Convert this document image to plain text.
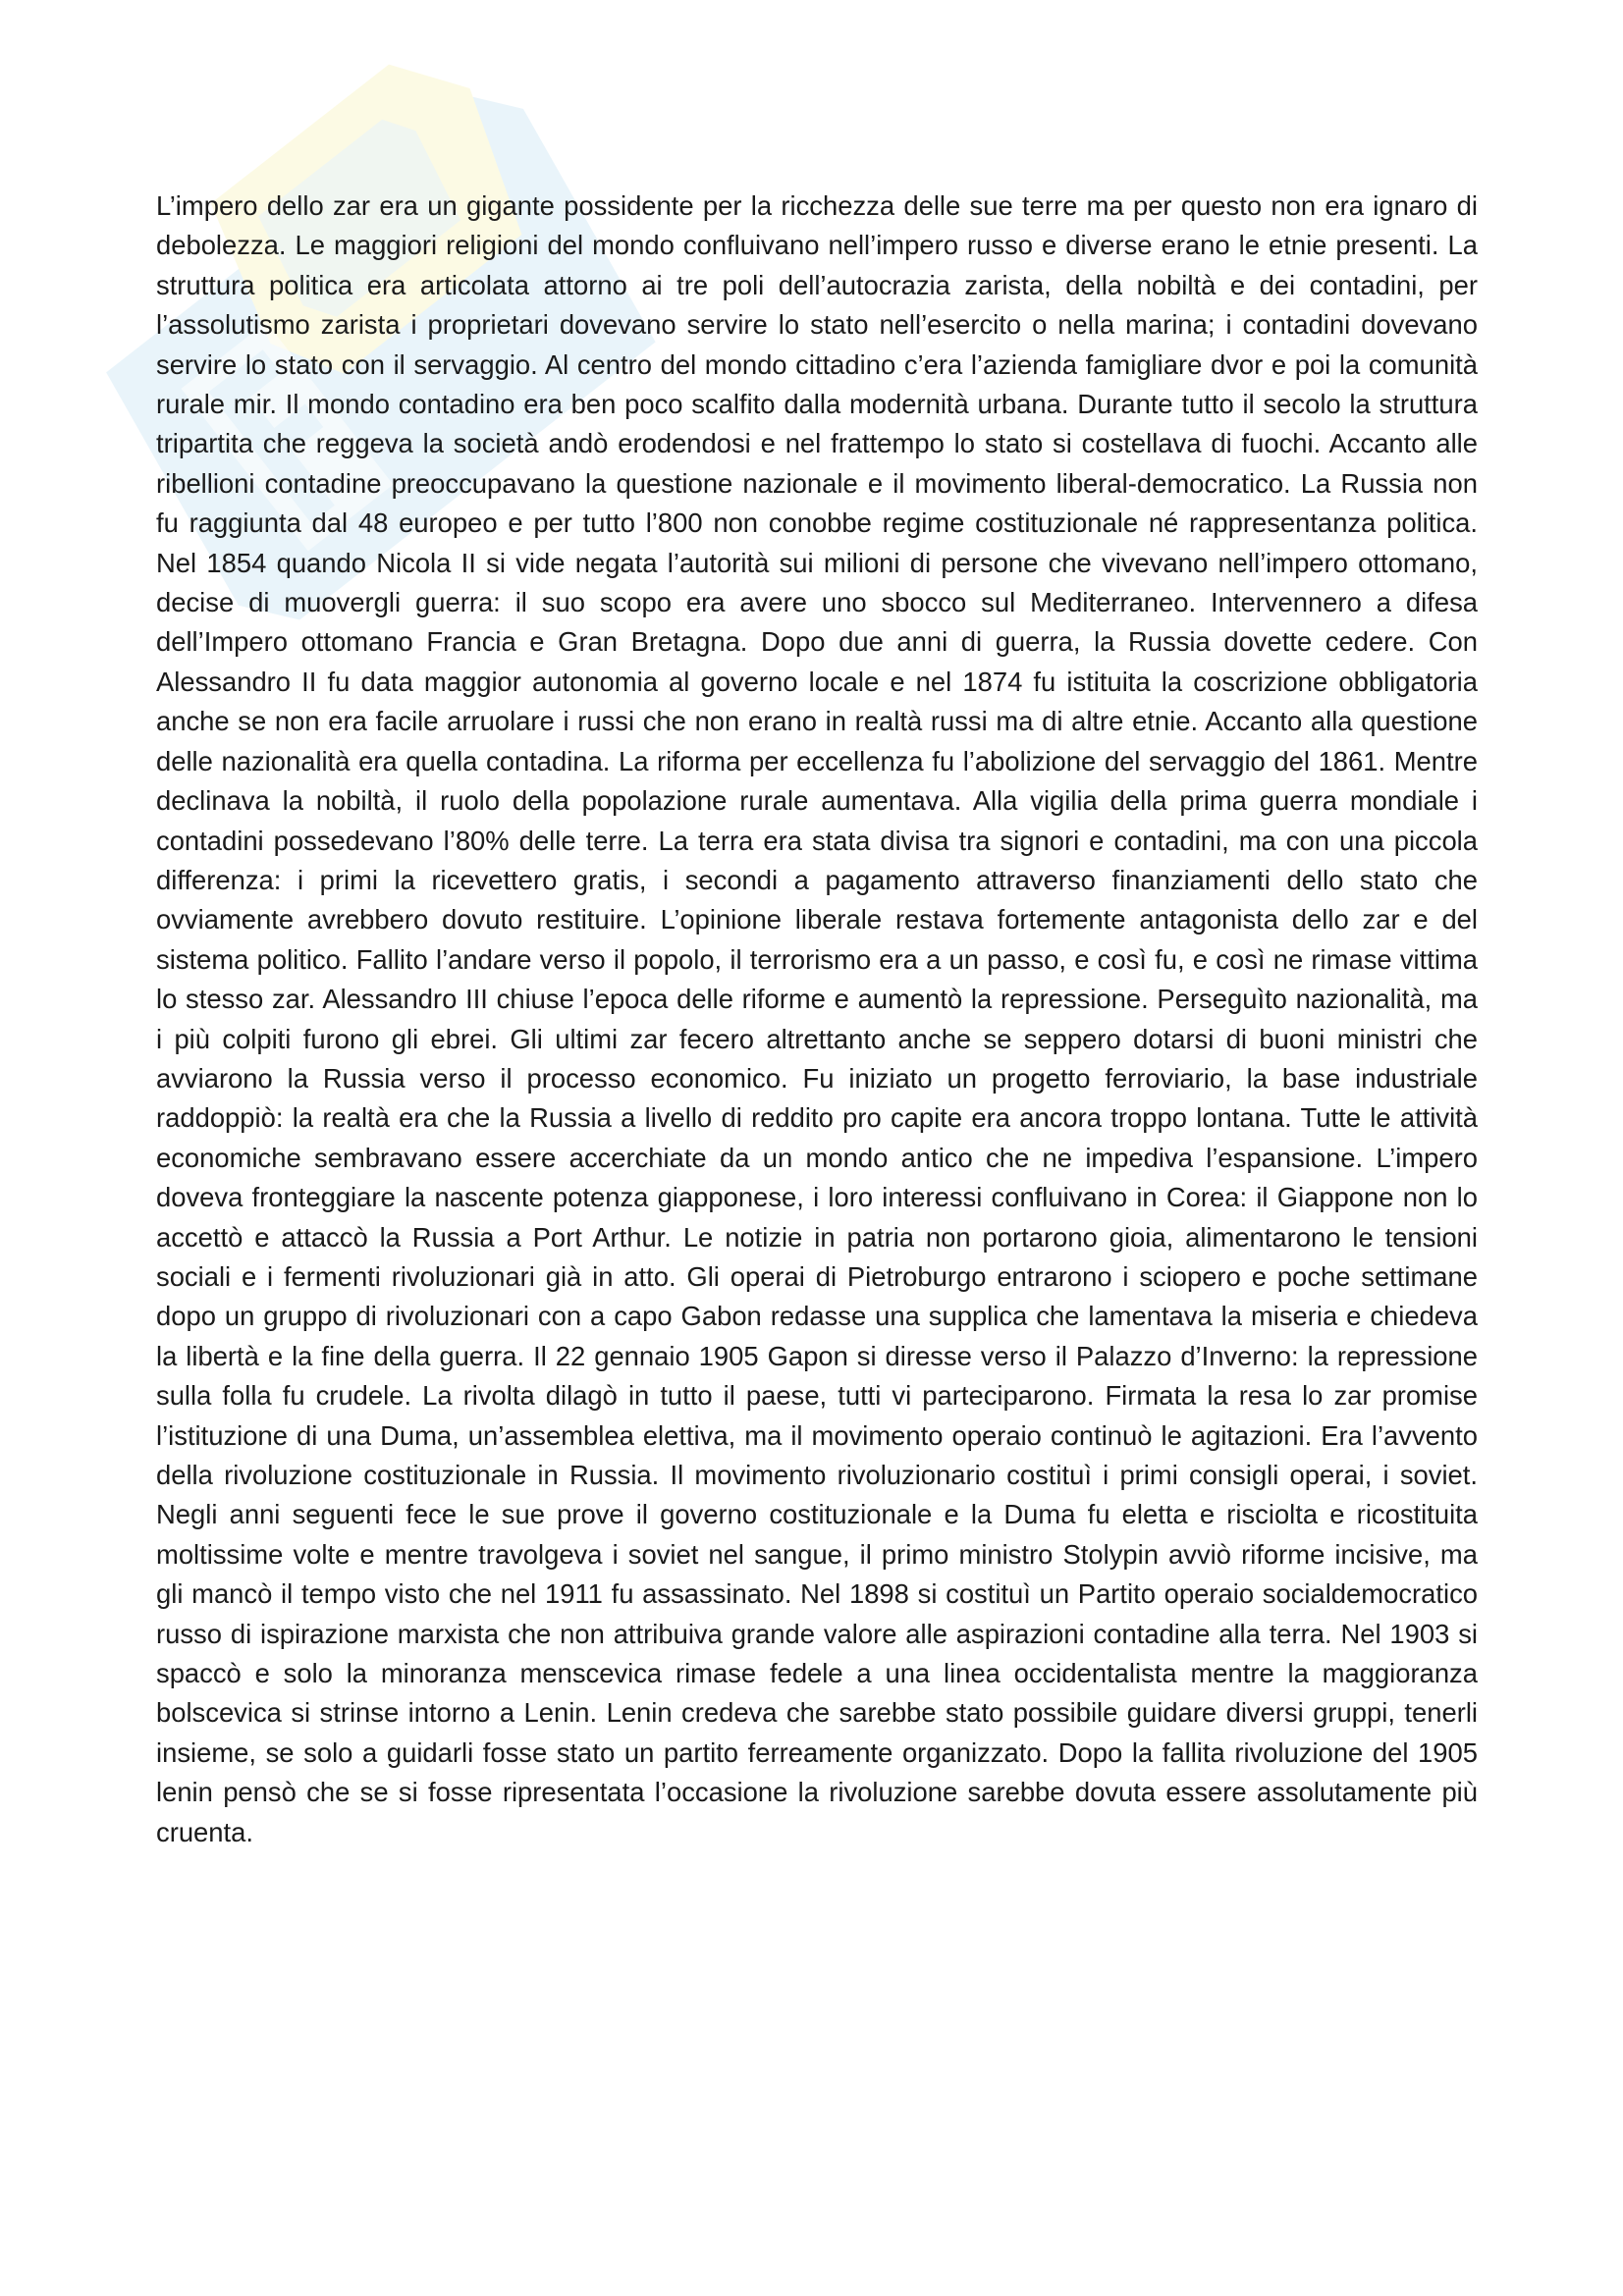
L’impero dello zar era un gigante possidente per la ricchezza delle sue terre ma per questo non era ignaro di debolezza. Le maggiori religioni del mondo confluivano nell’impero russo e diverse erano le etnie presenti. La struttura politica era articolata attorno ai tre poli dell’autocrazia zarista, della nobiltà e dei contadini, per l’assolutismo zarista i proprietari dovevano servire lo stato nell’esercito o nella marina; i contadini dovevano servire lo stato con il servaggio. Al centro del mondo cittadino c’era l’azienda famigliare dvor e poi la comunità rurale mir. Il mondo contadino era ben poco scalfito dalla modernità urbana. Durante tutto il secolo la struttura tripartita che reggeva la società andò erodendosi e nel frattempo lo stato si costellava di fuochi. Accanto alle ribellioni contadine preoccupavano la questione nazionale e il movimento liberal-democratico. La Russia non fu raggiunta dal 48 europeo e per tutto l’800 non conobbe regime costituzionale né rappresentanza politica. Nel 1854 quando Nicola II si vide negata l’autorità sui milioni di persone che vivevano nell’impero ottomano, decise di muovergli guerra: il suo scopo era avere uno sbocco sul Mediterraneo. Intervennero a difesa dell’Impero ottomano Francia e Gran Bretagna. Dopo due anni di guerra, la Russia dovette cedere. Con Alessandro II fu data maggior autonomia al governo locale e nel 1874 fu istituita la coscrizione obbligatoria anche se non era facile arruolare i russi che non erano in realtà russi ma di altre etnie. Accanto alla questione delle nazionalità era quella contadina. La riforma per eccellenza fu l’abolizione del servaggio del 1861. Mentre declinava la nobiltà, il ruolo della popolazione rurale aumentava. Alla vigilia della prima guerra mondiale i contadini possedevano l’80% delle terre. La terra era stata divisa tra signori e contadini, ma con una piccola differenza: i primi la ricevettero gratis, i secondi a pagamento attraverso finanziamenti dello stato che ovviamente avrebbero dovuto restituire. L’opinione liberale restava fortemente antagonista dello zar e del sistema politico. Fallito l’andare verso il popolo, il terrorismo era a un passo, e così fu, e così ne rimase vittima lo stesso zar. Alessandro III chiuse l’epoca delle riforme e aumentò la repressione. Perseguìto nazionalità, ma i più colpiti furono gli ebrei. Gli ultimi zar fecero altrettanto anche se seppero dotarsi di buoni ministri che avviarono la Russia verso il processo economico. Fu iniziato un progetto ferroviario, la base industriale raddoppiò: la realtà era che la Russia a livello di reddito pro capite era ancora troppo lontana. Tutte le attività economiche sembravano essere accerchiate da un mondo antico che ne impediva l’espansione. L’impero doveva fronteggiare la nascente potenza giapponese, i loro interessi confluivano in Corea: il Giappone non lo accettò e attaccò la Russia a Port Arthur. Le notizie in patria non portarono gioia, alimentarono le tensioni sociali e i fermenti rivoluzionari già in atto. Gli operai di Pietroburgo entrarono i sciopero e poche settimane dopo un gruppo di rivoluzionari con a capo Gabon redasse una supplica che lamentava la miseria e chiedeva la libertà e la fine della guerra. Il 22 gennaio 1905 Gapon si diresse verso il Palazzo d’Inverno: la repressione sulla folla fu crudele. La rivolta dilagò in tutto il paese, tutti vi parteciparono. Firmata la resa lo zar promise l’istituzione di una Duma, un’assemblea elettiva, ma il movimento operaio continuò le agitazioni. Era l’avvento della rivoluzione costituzionale in Russia. Il movimento rivoluzionario costituì i primi consigli operai, i soviet. Negli anni seguenti fece le sue prove il governo costituzionale e la Duma fu eletta e risciolta e ricostituita moltissime volte e mentre travolgeva i soviet nel sangue, il primo ministro Stolypin avviò riforme incisive, ma gli mancò il tempo visto che nel 1911 fu assassinato. Nel 1898 si costituì un Partito operaio socialdemocratico russo di ispirazione marxista che non attribuiva grande valore alle aspirazioni contadine alla terra. Nel 1903 si spaccò e solo la minoranza menscevica rimase fedele a una linea occidentalista mentre la maggioranza bolscevica si strinse intorno a Lenin. Lenin credeva che sarebbe stato possibile guidare diversi gruppi, tenerli insieme, se solo a guidarli fosse stato un partito ferreamente organizzato. Dopo la fallita rivoluzione del 1905 lenin pensò che se si fosse ripresentata l’occasione la rivoluzione sarebbe dovuta essere assolutamente più cruenta.
